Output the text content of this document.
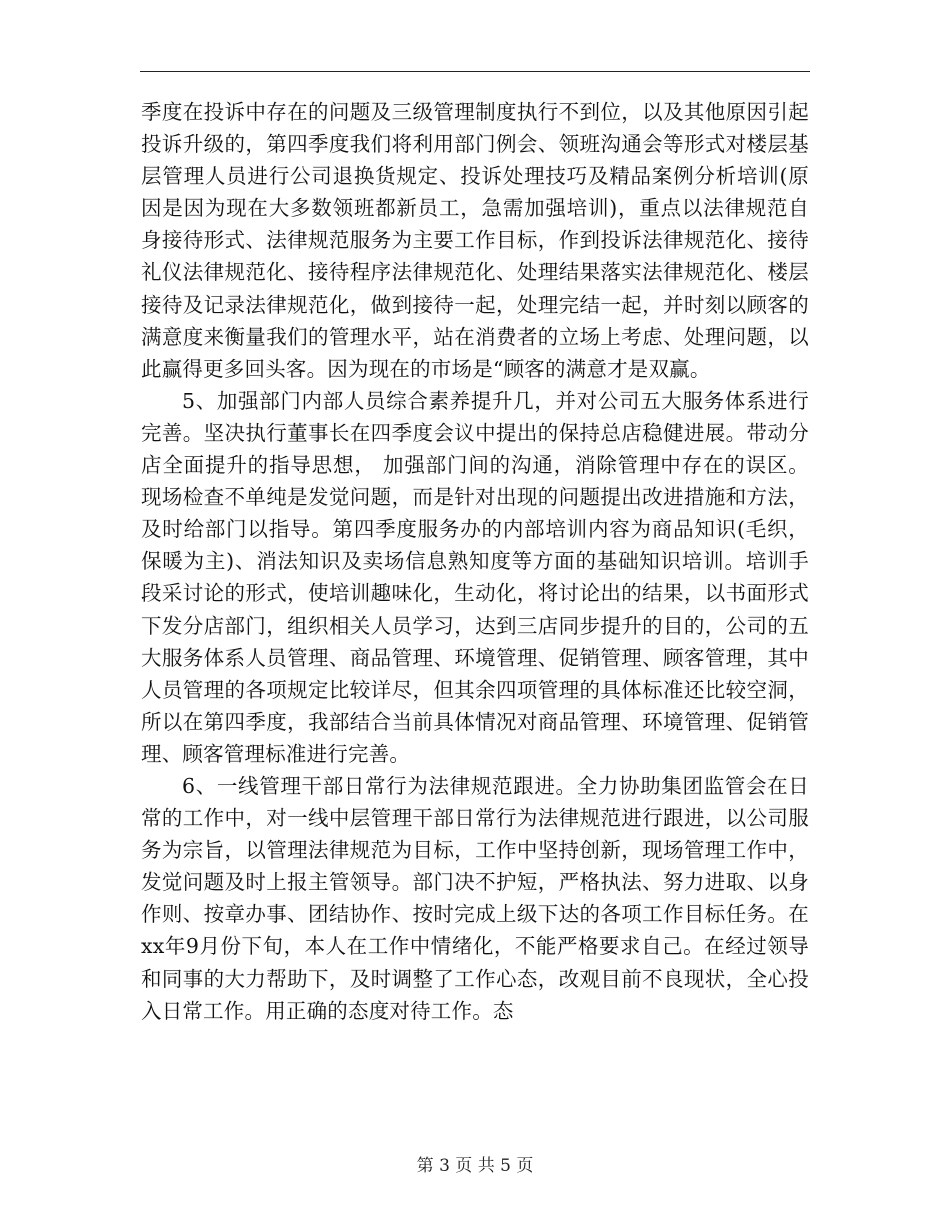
季度在投诉中存在的问题及三级管理制度执行不到位，以及其他原因引起投诉升级的，第四季度我们将利用部门例会、领班沟通会等形式对楼层基层管理人员进行公司退换货规定、投诉处理技巧及精品案例分析培训(原因是因为现在大多数领班都新员工，急需加强培训)，重点以法律规范自身接待形式、法律规范服务为主要工作目标，作到投诉法律规范化、接待礼仪法律规范化、接待程序法律规范化、处理结果落实法律规范化、楼层接待及记录法律规范化，做到接待一起，处理完结一起，并时刻以顾客的满意度来衡量我们的管理水平，站在消费者的立场上考虑、处理问题，以此赢得更多回头客。因为现在的市场是“顾客的满意才是双赢。

5、加强部门内部人员综合素养提升几，并对公司五大服务体系进行完善。坚决执行董事长在四季度会议中提出的保持总店稳健进展。带动分店全面提升的指导思想， 加强部门间的沟通，消除管理中存在的误区。现场检查不单纯是发觉问题，而是针对出现的问题提出改进措施和方法，及时给部门以指导。第四季度服务办的内部培训内容为商品知识(毛织，保暖为主)、消法知识及卖场信息熟知度等方面的基础知识培训。培训手段采讨论的形式，使培训趣味化，生动化，将讨论出的结果，以书面形式下发分店部门，组织相关人员学习，达到三店同步提升的目的，公司的五大服务体系人员管理、商品管理、环境管理、促销管理、顾客管理，其中人员管理的各项规定比较详尽，但其余四项管理的具体标准还比较空洞，所以在第四季度，我部结合当前具体情况对商品管理、环境管理、促销管理、顾客管理标准进行完善。

6、一线管理干部日常行为法律规范跟进。全力协助集团监管会在日常的工作中，对一线中层管理干部日常行为法律规范进行跟进，以公司服务为宗旨，以管理法律规范为目标，工作中坚持创新，现场管理工作中，发觉问题及时上报主管领导。部门决不护短，严格执法、努力进取、以身作则、按章办事、团结协作、按时完成上级下达的各项工作目标任务。在xx年9月份下旬，本人在工作中情绪化，不能严格要求自己。在经过领导和同事的大力帮助下，及时调整了工作心态，改观目前不良现状，全心投入日常工作。用正确的态度对待工作。态

第 3 页 共 5 页
